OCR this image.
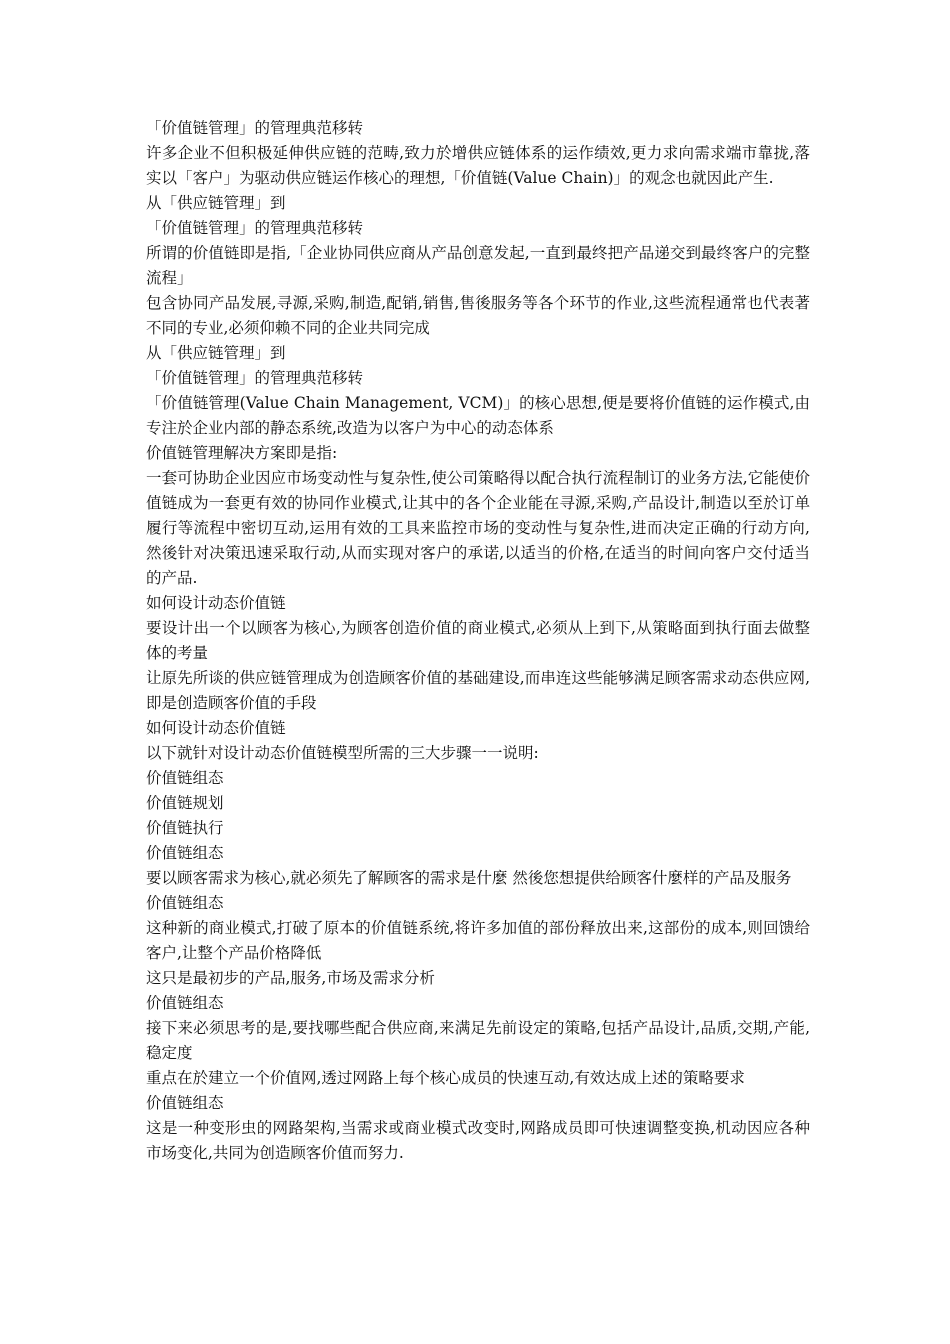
「价值链管理」的管理典范移转

许多企业不但积极延伸供应链的范畴,致力於增供应链体系的运作绩效,更力求向需求端市靠拢,落实以「客户」为驱动供应链运作核心的理想,「价值链(Value Chain)」的观念也就因此产生.

从「供应链管理」到

「价值链管理」的管理典范移转

所谓的价值链即是指,「企业协同供应商从产品创意发起,一直到最终把产品递交到最终客户的完整流程」

包含协同产品发展,寻源,采购,制造,配销,销售,售後服务等各个环节的作业,这些流程通常也代表著不同的专业,必须仰赖不同的企业共同完成

从「供应链管理」到

「价值链管理」的管理典范移转

「价值链管理(Value Chain Management, VCM)」的核心思想,便是要将价值链的运作模式,由专注於企业内部的静态系统,改造为以客户为中心的动态体系

价值链管理解决方案即是指:

一套可协助企业因应市场变动性与复杂性,使公司策略得以配合执行流程制订的业务方法,它能使价值链成为一套更有效的协同作业模式,让其中的各个企业能在寻源,采购,产品设计,制造以至於订单履行等流程中密切互动,运用有效的工具来监控市场的变动性与复杂性,进而决定正确的行动方向,然後针对决策迅速采取行动,从而实现对客户的承诺,以适当的价格,在适当的时间向客户交付适当的产品.

如何设计动态价值链

要设计出一个以顾客为核心,为顾客创造价值的商业模式,必须从上到下,从策略面到执行面去做整体的考量

让原先所谈的供应链管理成为创造顾客价值的基础建设,而串连这些能够满足顾客需求动态供应网,即是创造顾客价值的手段

如何设计动态价值链

以下就针对设计动态价值链模型所需的三大步骤一一说明:

价值链组态

价值链规划

价值链执行

价值链组态

要以顾客需求为核心,就必须先了解顾客的需求是什麼 然後您想提供给顾客什麼样的产品及服务

价值链组态

这种新的商业模式,打破了原本的价值链系统,将许多加值的部份释放出来,这部份的成本,则回馈给客户,让整个产品价格降低

这只是最初步的产品,服务,市场及需求分析

价值链组态

接下来必须思考的是,要找哪些配合供应商,来满足先前设定的策略,包括产品设计,品质,交期,产能,稳定度

重点在於建立一个价值网,透过网路上每个核心成员的快速互动,有效达成上述的策略要求

价值链组态

这是一种变形虫的网路架构,当需求或商业模式改变时,网路成员即可快速调整变换,机动因应各种市场变化,共同为创造顾客价值而努力.
